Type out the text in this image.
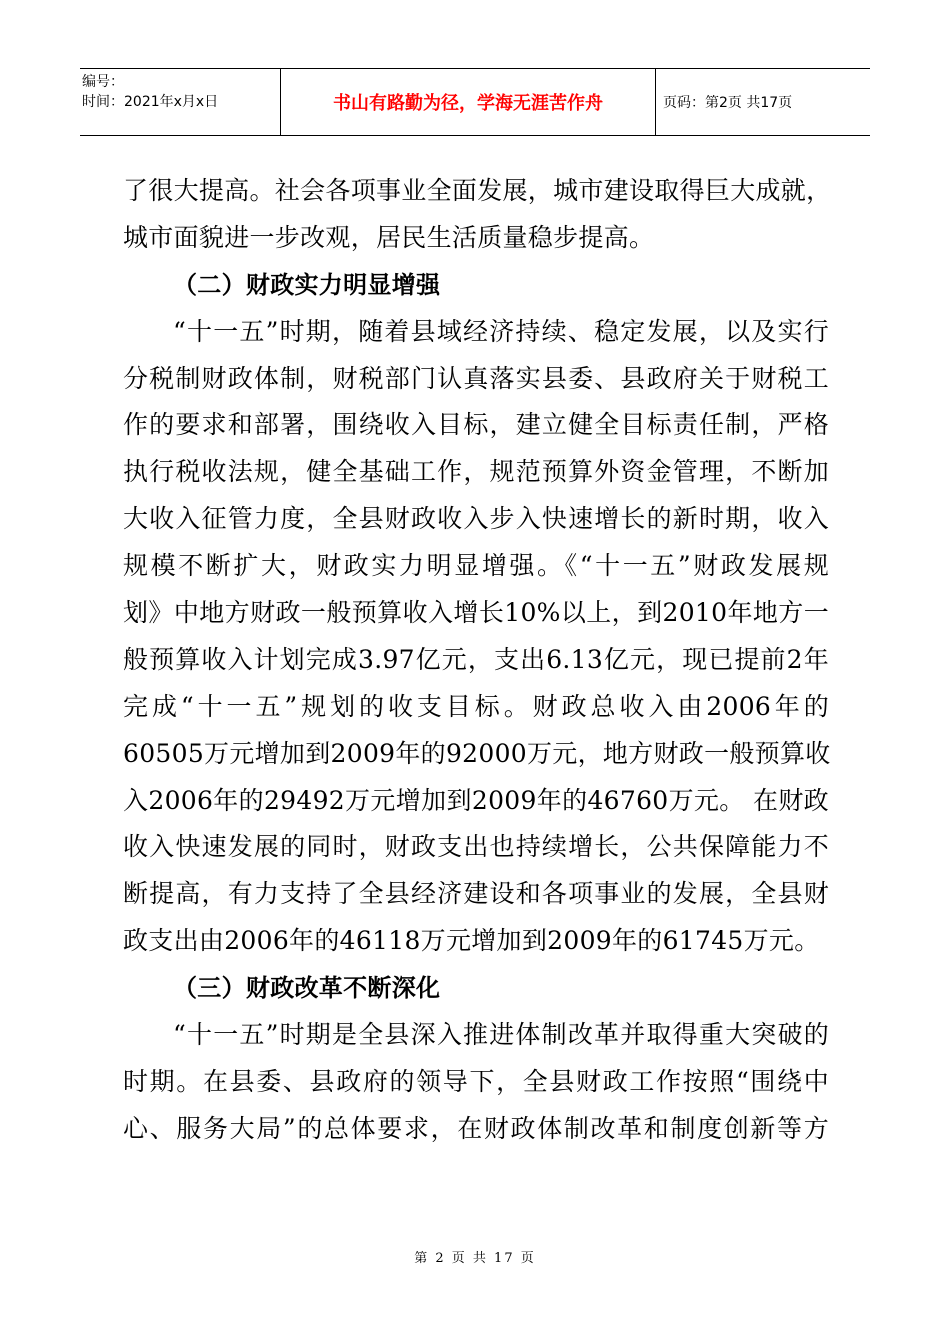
编号：
时间：2021年x月x日	书山有路勤为径，学海无涯苦作舟	页码：第2页 共17页
了很大提高。社会各项事业全面发展，城市建设取得巨大成就，
城市面貌进一步改观，居民生活质量稳步提高。
（二）财政实力明显增强
“十一五”时期，随着县域经济持续、稳定发展，以及实行
分税制财政体制，财税部门认真落实县委、县政府关于财税工
作的要求和部署，围绕收入目标，建立健全目标责任制，严格
执行税收法规，健全基础工作，规范预算外资金管理，不断加
大收入征管力度，全县财政收入步入快速增长的新时期，收入
规模不断扩大，财政实力明显增强。《“十一五”财政发展规
划》中地方财政一般预算收入增长10%以上，到2010年地方一
般预算收入计划完成3.97亿元，支出6.13亿元，现已提前2年
完成“十一五”规划的收支目标。财政总收入由2006年的
60505万元增加到2009年的92000万元，地方财政一般预算收
入2006年的29492万元增加到2009年的46760万元。 在财政
收入快速发展的同时，财政支出也持续增长，公共保障能力不
断提高，有力支持了全县经济建设和各项事业的发展，全县财
政支出由2006年的46118万元增加到2009年的61745万元。
（三）财政改革不断深化
“十一五”时期是全县深入推进体制改革并取得重大突破的
时期。在县委、县政府的领导下，全县财政工作按照“围绕中
心、服务大局”的总体要求，在财政体制改革和制度创新等方
第 2 页 共 17 页
